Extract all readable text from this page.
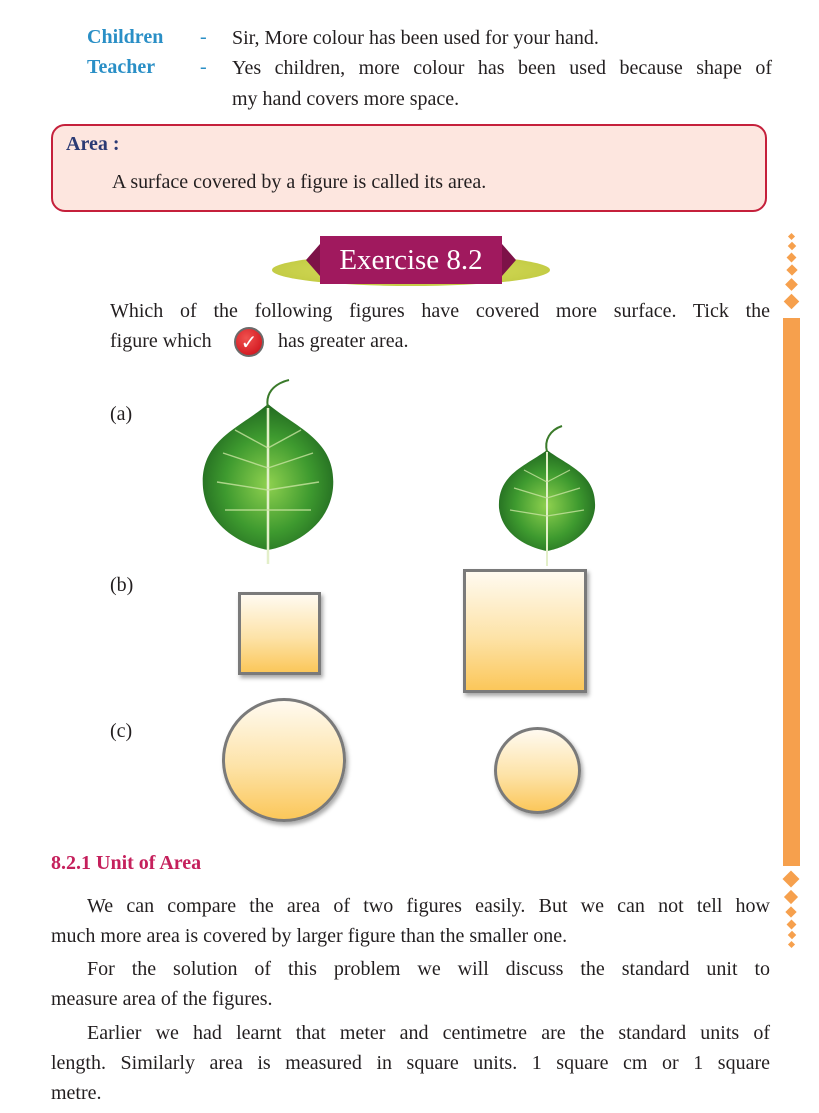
Children - Sir, More colour has been used for your hand.
Teacher - Yes children, more colour has been used because shape of
my hand covers more space.
Area :
A surface covered by a figure is called its area.
Exercise 8.2
Which of the following figures have covered more surface. Tick the
figure which	✓	has greater area.
(a)
(b)
(c)
8.2.1 Unit of Area
We can compare the area of two figures easily. But we can not tell how
much more area is covered by larger figure than the smaller one.
For the solution of this problem we will discuss the standard unit to
measure area of the figures.
Earlier we had learnt that meter and centimetre are the standard units of
length. Similarly area is measured in square units. 1 square cm or 1 square
metre.
